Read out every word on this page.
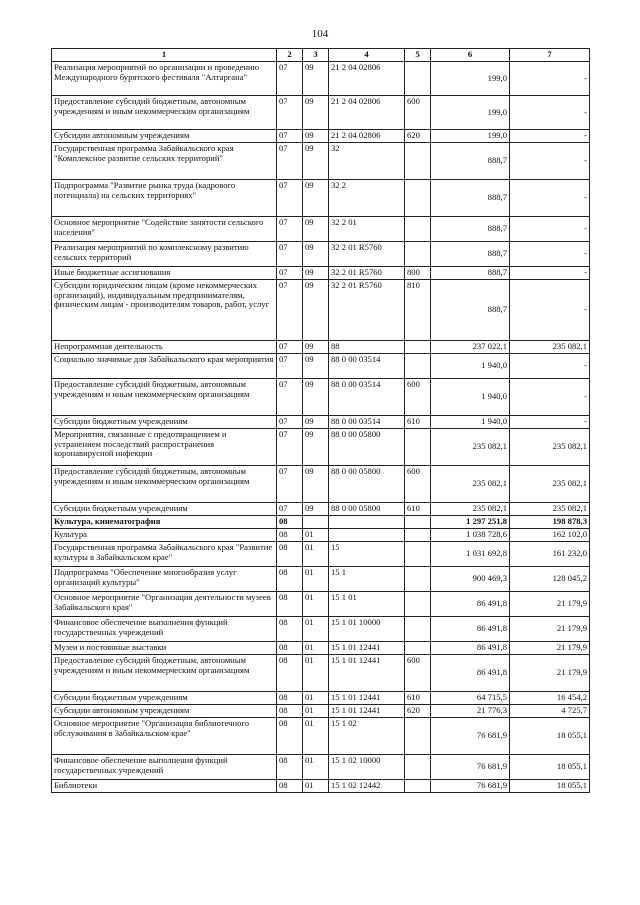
104
1	2	3	4	5	6	7
Реализация мероприятий по организации и проведению Международного бурятского фестиваля "Алтаргана"	07	09	21 2 04 02806		199,0	-
Предоставление субсидий бюджетным, автономным учреждениям и иным некоммерческим организациям	07	09	21 2 04 02806	600	199,0	-
Субсидии автономным учреждениям	07	09	21 2 04 02806	620	199,0	-
Государственная программа Забайкальского края "Комплексное развитие сельских территорий"	07	09	32		888,7	-
Подпрограмма "Развитие рынка труда (кадрового потенциала) на сельских территориях"	07	09	32 2		888,7	-
Основное мероприятие "Содействие занятости сельского населения"	07	09	32 2 01		888,7	-
Реализация мероприятий по комплексному развитию сельских территорий	07	09	32 2 01 R5760		888,7	-
Иные бюджетные ассигнования	07	09	32 2 01 R5760	800	888,7	-
Субсидии юридическим лицам (кроме некоммерческих организаций), индивидуальным предпринимателям, физическим лицам - производителям товаров, работ, услуг	07	09	32 2 01 R5760	810	888,7	-
Непрограммная деятельность	07	09	88		237 022,1	235 082,1
Социально значимые для Забайкальского края мероприятия	07	09	88 0 00 03514		1 940,0	-
Предоставление субсидий бюджетным, автономным учреждениям и иным некоммерческим организациям	07	09	88 0 00 03514	600	1 940,0	-
Субсидии бюджетным учреждениям	07	09	88 0 00 03514	610	1 940,0	-
Мероприятия, связанные с предотвращением и устранением последствий распространения коронавирусной инфекции	07	09	88 0 00 05800		235 082,1	235 082,1
Предоставление субсидий бюджетным, автономным учреждениям и иным некоммерческим организациям	07	09	88 0 00 05800	600	235 082,1	235 082,1
Субсидии бюджетным учреждениям	07	09	88 0 00 05800	610	235 082,1	235 082,1
Культура, кинематография	08				1 297 251,8	198 878,3
Культура	08	01			1 038 728,6	162 102,0
Государственная программа Забайкальского края "Развитие культуры в Забайкальском крае"	08	01	15		1 031 692,8	161 232,0
Подпрограмма "Обеспечение многообразия услуг организаций культуры"	08	01	15 1		900 469,3	128 045,2
Основное мероприятие "Организация деятельности музеев Забайкальского края"	08	01	15 1 01		86 491,8	21 179,9
Финансовое обеспечение выполнения функций государственных учреждений	08	01	15 1 01 10000		86 491,8	21 179,9
Музеи и постоянные выставки	08	01	15 1 01 12441		86 491,8	21 179,9
Предоставление субсидий бюджетным, автономным учреждениям и иным некоммерческим организациям	08	01	15 1 01 12441	600	86 491,8	21 179,9
Субсидии бюджетным учреждениям	08	01	15 1 01 12441	610	64 715,5	16 454,2
Субсидии автономным учреждениям	08	01	15 1 01 12441	620	21 776,3	4 725,7
Основное мероприятие "Организация библиотечного обслуживания в Забайкальском крае"	08	01	15 1 02		76 681,9	18 055,1
Финансовое обеспечение выполнения функций государственных учреждений	08	01	15 1 02 10000		76 681,9	18 055,1
Библиотеки	08	01	15 1 02 12442		76 681,9	18 055,1
